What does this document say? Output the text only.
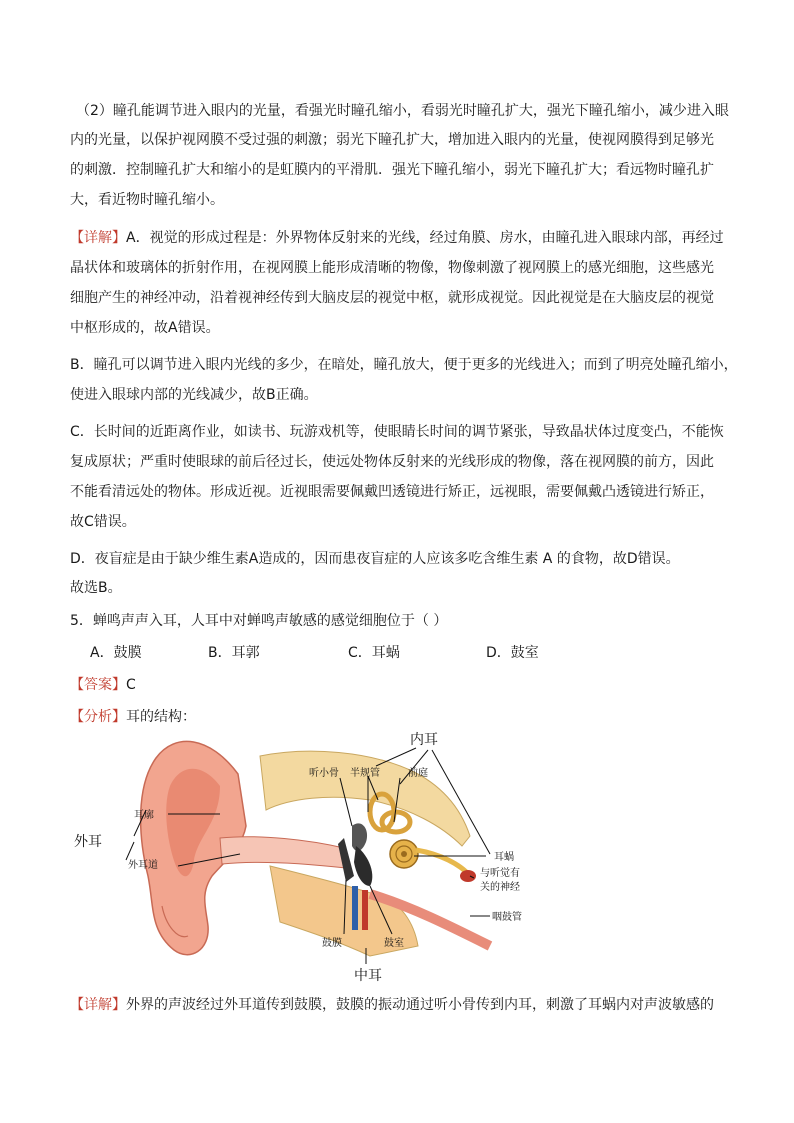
（2）瞳孔能调节进入眼内的光量，看强光时瞳孔缩小，看弱光时瞳孔扩大，强光下瞳孔缩小，减少进入眼
内的光量，以保护视网膜不受过强的刺激；弱光下瞳孔扩大，增加进入眼内的光量，使视网膜得到足够光
的刺激．控制瞳孔扩大和缩小的是虹膜内的平滑肌．强光下瞳孔缩小，弱光下瞳孔扩大；看远物时瞳孔扩
大，看近物时瞳孔缩小。
【详解】A．视觉的形成过程是：外界物体反射来的光线，经过角膜、房水，由瞳孔进入眼球内部，再经过
晶状体和玻璃体的折射作用，在视网膜上能形成清晰的物像，物像刺激了视网膜上的感光细胞，这些感光
细胞产生的神经冲动，沿着视神经传到大脑皮层的视觉中枢，就形成视觉。因此视觉是在大脑皮层的视觉
中枢形成的，故A错误。
B．瞳孔可以调节进入眼内光线的多少，在暗处，瞳孔放大，便于更多的光线进入；而到了明亮处瞳孔缩小，
使进入眼球内部的光线减少，故B正确。
C．长时间的近距离作业，如读书、玩游戏机等，使眼睛长时间的调节紧张，导致晶状体过度变凸，不能恢
复成原状；严重时使眼球的前后径过长，使远处物体反射来的光线形成的物像，落在视网膜的前方，因此
不能看清远处的物体。形成近视。近视眼需要佩戴凹透镜进行矫正，远视眼，需要佩戴凸透镜进行矫正，
故C错误。
D．夜盲症是由于缺少维生素A造成的，因而患夜盲症的人应该多吃含维生素 A 的食物，故D错误。
故选B。
5．蝉鸣声声入耳，人耳中对蝉鸣声敏感的感觉细胞位于（ ）
A．鼓膜	B．耳郭	C．耳蜗	D．鼓室
【答案】C
【分析】耳的结构：
内耳
听小骨 半规管	前庭
耳廓
外耳
外耳道
耳蜗
与听觉有
关的神经
咽鼓管
鼓膜	鼓室
中耳
【详解】外界的声波经过外耳道传到鼓膜，鼓膜的振动通过听小骨传到内耳，刺激了耳蜗内对声波敏感的
